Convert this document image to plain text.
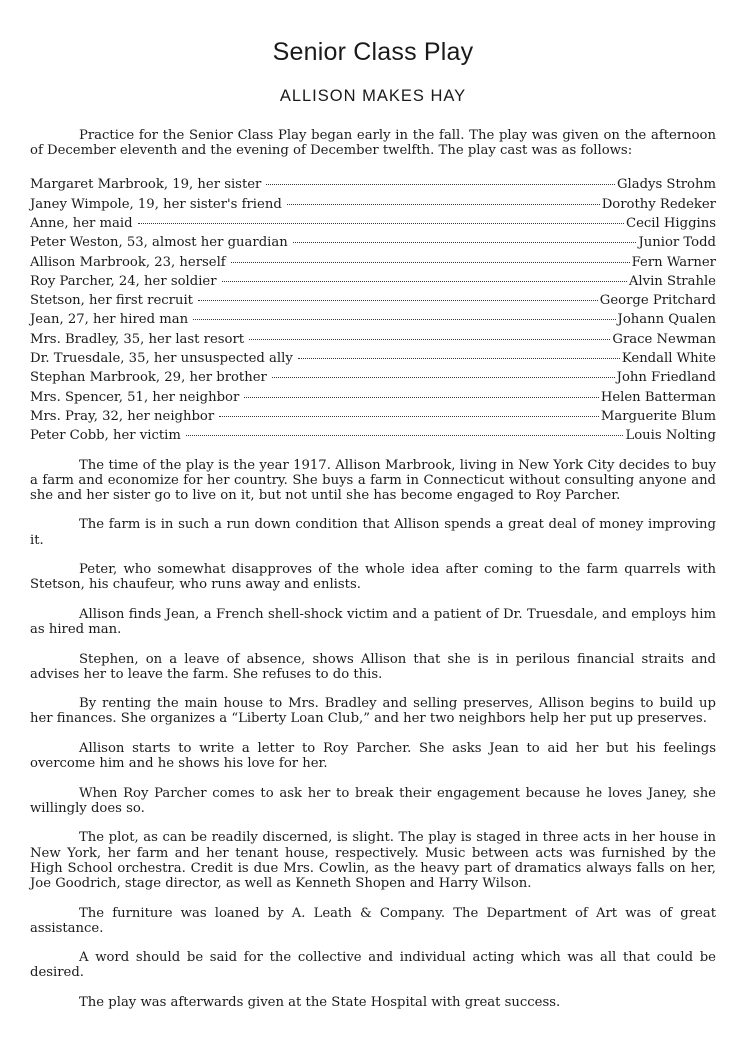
Senior Class Play
ALLISON MAKES HAY

Practice for the Senior Class Play began early in the fall. The play was given on the afternoon of December eleventh and the evening of December twelfth. The play cast was as follows:

Margaret Marbrook, 19, her sister	Gladys Strohm
Janey Wimpole, 19, her sister's friend	Dorothy Redeker
Anne, her maid	Cecil Higgins
Peter Weston, 53, almost her guardian	Junior Todd
Allison Marbrook, 23, herself	Fern Warner
Roy Parcher, 24, her soldier	Alvin Strahle
Stetson, her first recruit	George Pritchard
Jean, 27, her hired man	Johann Qualen
Mrs. Bradley, 35, her last resort	Grace Newman
Dr. Truesdale, 35, her unsuspected ally	Kendall White
Stephan Marbrook, 29, her brother	John Friedland
Mrs. Spencer, 51, her neighbor	Helen Batterman
Mrs. Pray, 32, her neighbor	Marguerite Blum
Peter Cobb, her victim	Louis Nolting

The time of the play is the year 1917. Allison Marbrook, living in New York City decides to buy a farm and economize for her country. She buys a farm in Connecticut without consulting anyone and she and her sister go to live on it, but not until she has become engaged to Roy Parcher.

The farm is in such a run down condition that Allison spends a great deal of money improving it.

Peter, who somewhat disapproves of the whole idea after coming to the farm quarrels with Stetson, his chaufeur, who runs away and enlists.

Allison finds Jean, a French shell-shock victim and a patient of Dr. Truesdale, and employs him as hired man.

Stephen, on a leave of absence, shows Allison that she is in perilous financial straits and advises her to leave the farm. She refuses to do this.

By renting the main house to Mrs. Bradley and selling preserves, Allison begins to build up her finances. She organizes a “Liberty Loan Club,” and her two neighbors help her put up preserves.

Allison starts to write a letter to Roy Parcher. She asks Jean to aid her but his feelings overcome him and he shows his love for her.

When Roy Parcher comes to ask her to break their engagement because he loves Janey, she willingly does so.

The plot, as can be readily discerned, is slight. The play is staged in three acts in her house in New York, her farm and her tenant house, respectively. Music between acts was furnished by the High School orchestra. Credit is due Mrs. Cowlin, as the heavy part of dramatics always falls on her, Joe Goodrich, stage director, as well as Kenneth Shopen and Harry Wilson.

The furniture was loaned by A. Leath & Company. The Department of Art was of great assistance.

A word should be said for the collective and individual acting which was all that could be desired.

The play was afterwards given at the State Hospital with great success.
